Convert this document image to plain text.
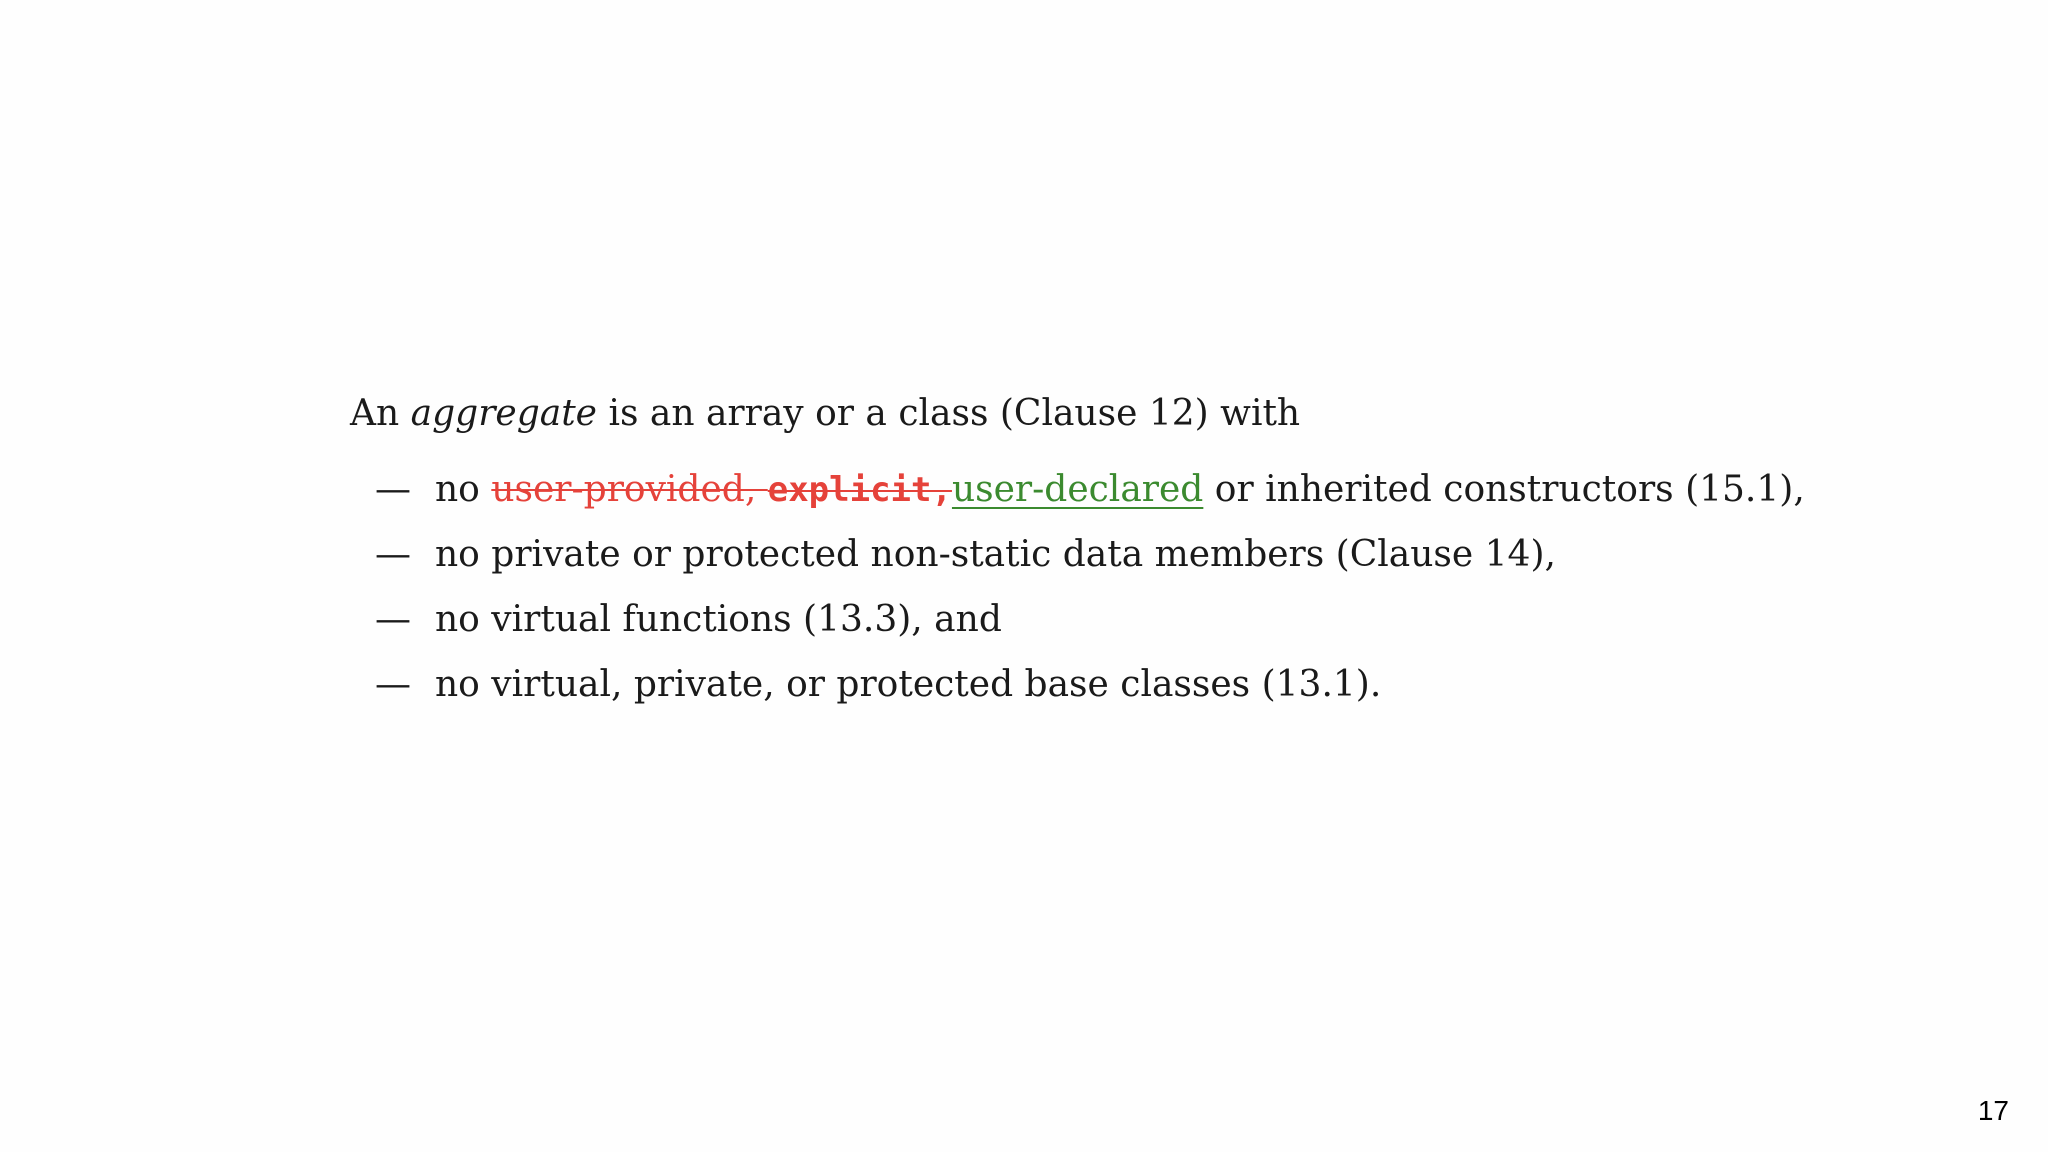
An aggregate is an array or a class (Clause 12) with
— no user-provided, explicit,user-declared or inherited constructors (15.1),
— no private or protected non-static data members (Clause 14),
— no virtual functions (13.3), and
— no virtual, private, or protected base classes (13.1).
17
